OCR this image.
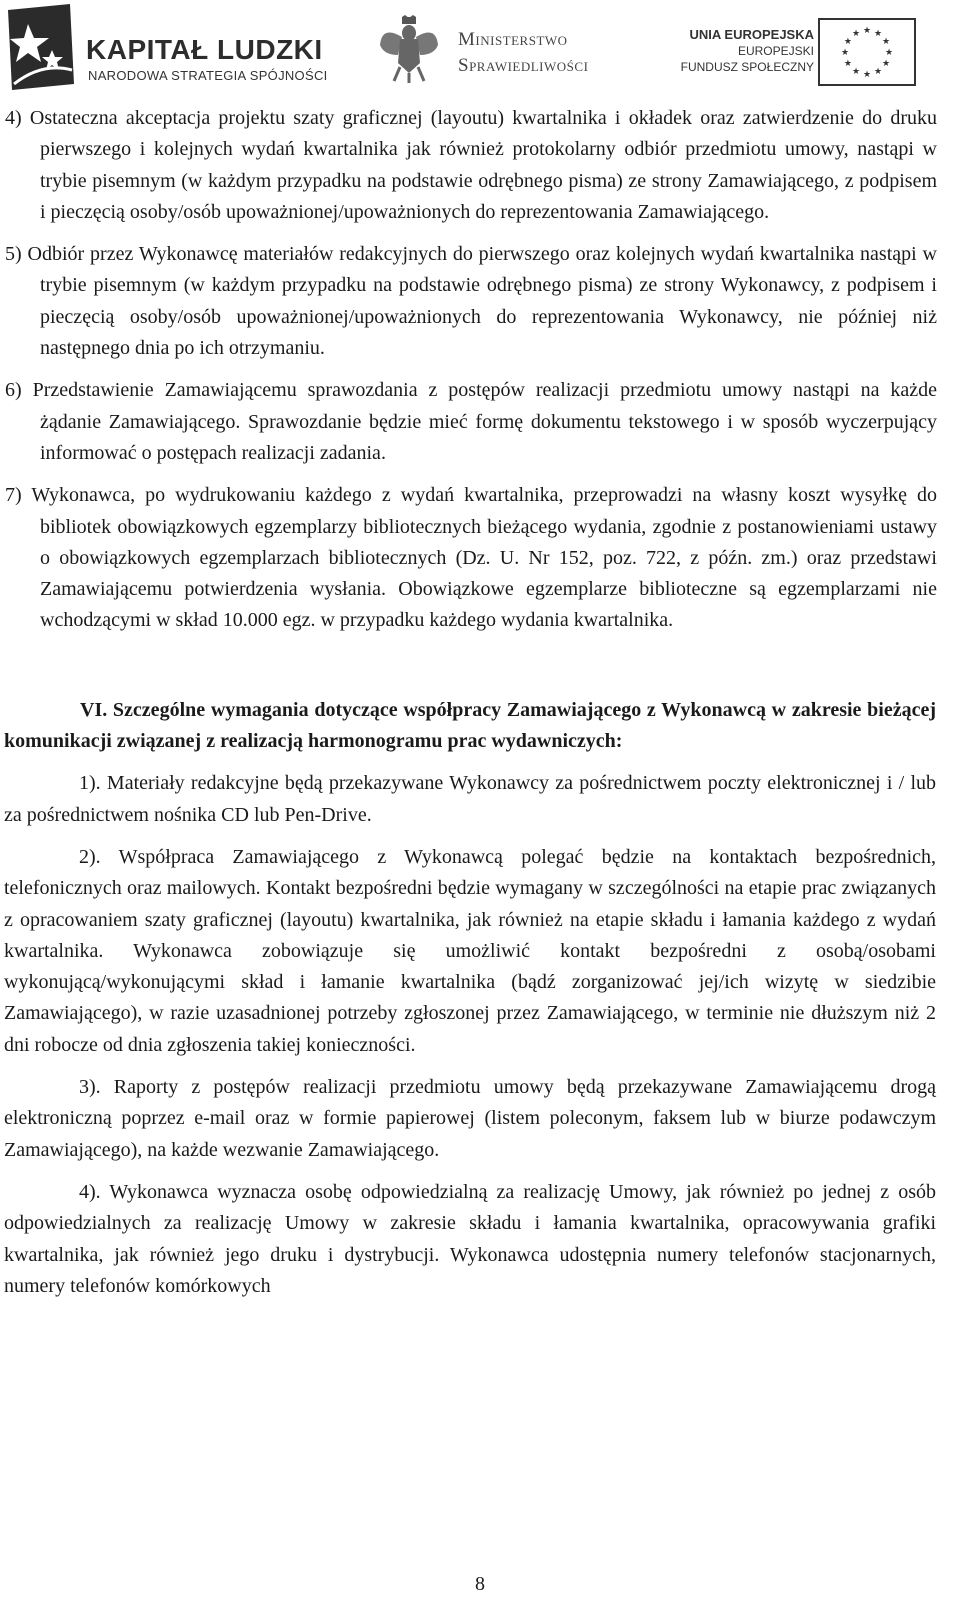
KAPITAŁ LUDZKI
NARODOWA STRATEGIA SPÓJNOŚCI
Ministerstwo
Sprawiedliwości
UNIA EUROPEJSKA
EUROPEJSKI
FUNDUSZ SPOŁECZNY
★ ★
★
★
★
★
★
★
★
★
★
★

4) Ostateczna akceptacja projektu szaty graficznej (layoutu) kwartalnika i okładek oraz zatwierdzenie do druku pierwszego i kolejnych wydań kwartalnika jak również protokolarny odbiór przedmiotu umowy, nastąpi w trybie pisemnym (w każdym przypadku na podstawie odrębnego pisma) ze strony Zamawiającego, z podpisem i pieczęcią osoby/osób upoważnionej/upoważnionych do reprezentowania Zamawiającego.

5) Odbiór przez Wykonawcę materiałów redakcyjnych do pierwszego oraz kolejnych wydań kwartalnika nastąpi w trybie pisemnym (w każdym przypadku na podstawie odrębnego pisma) ze strony Wykonawcy, z podpisem i pieczęcią osoby/osób upoważnionej/upoważnionych do reprezentowania Wykonawcy, nie później niż następnego dnia po ich otrzymaniu.

6) Przedstawienie Zamawiającemu sprawozdania z postępów realizacji przedmiotu umowy nastąpi na każde żądanie Zamawiającego. Sprawozdanie będzie mieć formę dokumentu tekstowego i w sposób wyczerpujący informować o postępach realizacji zadania.

7) Wykonawca, po wydrukowaniu każdego z wydań kwartalnika, przeprowadzi na własny koszt wysyłkę do bibliotek obowiązkowych egzemplarzy bibliotecznych bieżącego wydania, zgodnie z postanowieniami ustawy o obowiązkowych egzemplarzach bibliotecznych (Dz. U. Nr 152, poz. 722, z późn. zm.) oraz przedstawi Zamawiającemu potwierdzenia wysłania. Obowiązkowe egzemplarze biblioteczne są egzemplarzami nie wchodzącymi w skład 10.000 egz. w przypadku każdego wydania kwartalnika.

VI. Szczególne wymagania dotyczące współpracy Zamawiającego z Wykonawcą w zakresie bieżącej komunikacji związanej z realizacją harmonogramu prac wydawniczych:

1). Materiały redakcyjne będą przekazywane Wykonawcy za pośrednictwem poczty elektronicznej i / lub za pośrednictwem nośnika CD lub Pen-Drive.

2). Współpraca Zamawiającego z Wykonawcą polegać będzie na kontaktach bezpośrednich, telefonicznych oraz mailowych. Kontakt bezpośredni będzie wymagany w szczególności na etapie prac związanych z opracowaniem szaty graficznej (layoutu) kwartalnika, jak również na etapie składu i łamania każdego z wydań kwartalnika. Wykonawca zobowiązuje się umożliwić kontakt bezpośredni z osobą/osobami wykonującą/wykonującymi skład i łamanie kwartalnika (bądź zorganizować jej/ich wizytę w siedzibie Zamawiającego), w razie uzasadnionej potrzeby zgłoszonej przez Zamawiającego, w terminie nie dłuższym niż 2 dni robocze od dnia zgłoszenia takiej konieczności.

3). Raporty z postępów realizacji przedmiotu umowy będą przekazywane Zamawiającemu drogą elektroniczną poprzez e-mail oraz w formie papierowej (listem poleconym, faksem lub w biurze podawczym Zamawiającego), na każde wezwanie Zamawiającego.

4). Wykonawca wyznacza osobę odpowiedzialną za realizację Umowy, jak również po jednej z osób odpowiedzialnych za realizację Umowy w zakresie składu i łamania kwartalnika, opracowywania grafiki kwartalnika, jak również jego druku i dystrybucji. Wykonawca udostępnia numery telefonów stacjonarnych, numery telefonów komórkowych

8
